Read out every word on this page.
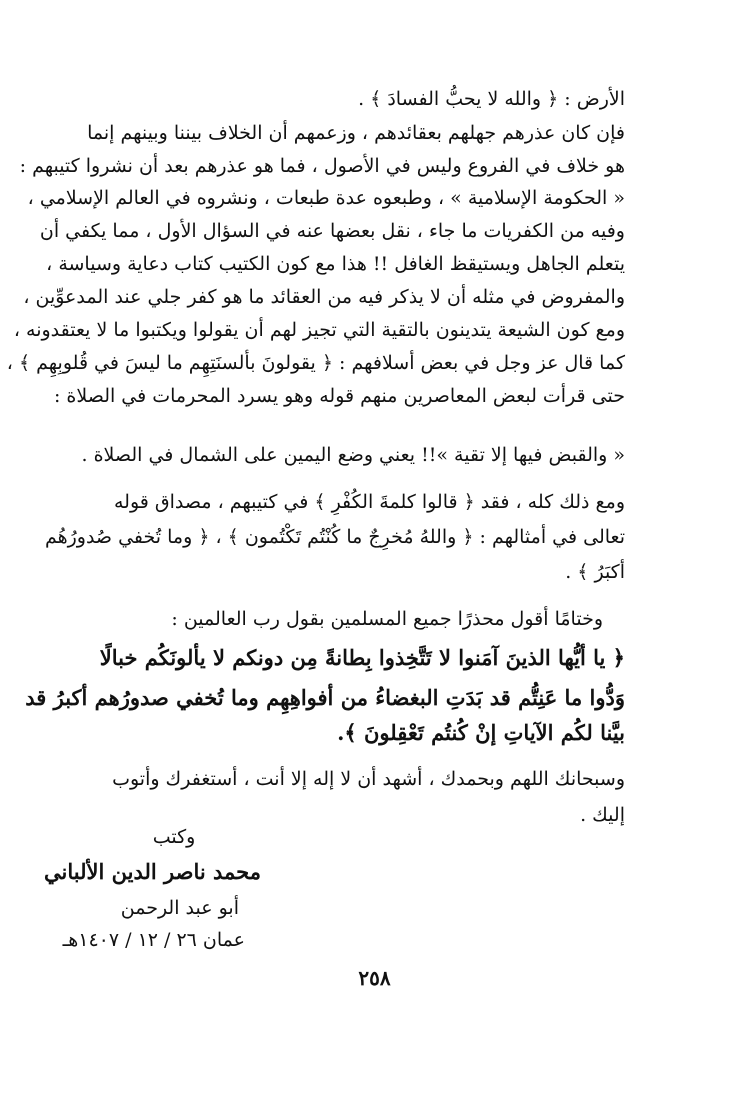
الأرض : ﴿ والله لا يحبُّ الفسادَ ﴾ .
فإن كان عذرهم جهلهم بعقائدهم ، وزعمهم أن الخلاف بيننا وبينهم إنما
هو خلاف في الفروع وليس في الأصول ، فما هو عذرهم بعد أن نشروا كتيبهم :
« الحكومة الإسلامية » ، وطبعوه عدة طبعات ، ونشروه في العالم الإسلامي ،
وفيه من الكفريات ما جاء ، نقل بعضها عنه في السؤال الأول ، مما يكفي أن
يتعلم الجاهل ويستيقظ الغافل !! هذا مع كون الكتيب كتاب دعاية وسياسة ،
والمفروض في مثله أن لا يذكر فيه من العقائد ما هو كفر جلي عند المدعوِّين ،
ومع كون الشيعة يتدينون بالتقية التي تجيز لهم أن يقولوا ويكتبوا ما لا يعتقدونه ،
كما قال عز وجل في بعض أسلافهم : ﴿ يقولونَ بألسنَتِهِم ما ليسَ في قُلوبِهِم ﴾ ،
حتى قرأت لبعض المعاصرين منهم قوله وهو يسرد المحرمات في الصلاة :
« والقبض فيها إلا تقية »!! يعني وضع اليمين على الشمال في الصلاة .
ومع ذلك كله ، فقد ﴿ قالوا كلمةَ الكُفْرِ ﴾ في كتيبهم ، مصداق قوله
تعالى في أمثالهم : ﴿ واللهُ مُخرِجٌ ما كُنْتُم تَكْتُمون ﴾ ، ﴿ وما تُخفي صُدورُهُم
أكبَرُ ﴾ .
وختامًا أقول محذرًا جميع المسلمين بقول رب العالمين :
﴿ يا أيُّها الذينَ آمَنوا لا تَتَّخِذوا بِطانةً مِن دونكم لا يألونَكُم خبالًا
وَدُّوا ما عَنِتُّم قد بَدَتِ البغضاءُ من أفواهِهِم وما تُخفي صدورُهم أكبرُ قد
بيَّنا لكُم الآياتِ إنْ كُنتُم تَعْقِلونَ ﴾.
وسبحانك اللهم وبحمدك ، أشهد أن لا إله إلا أنت ، أستغفرك وأتوب
إليك .
وكتب
محمد ناصر الدين الألباني
أبو عبد الرحمن
عمان ٢٦ / ١٢ / ١٤٠٧هـ
٢٥٨
